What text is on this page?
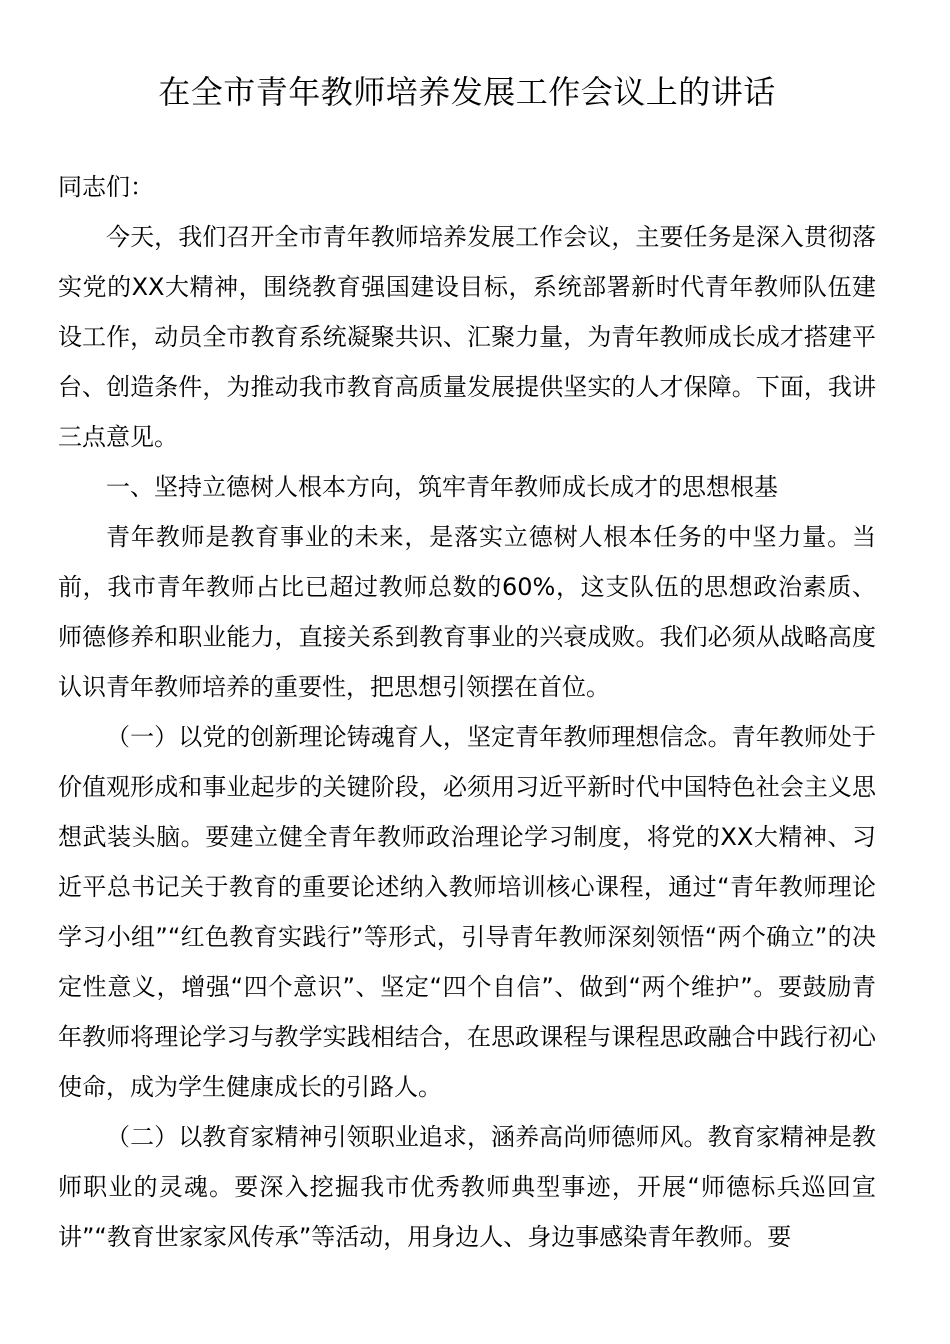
在全市青年教师培养发展工作会议上的讲话

同志们：

今天，我们召开全市青年教师培养发展工作会议，主要任务是深入贯彻落实党的XX大精神，围绕教育强国建设目标，系统部署新时代青年教师队伍建设工作，动员全市教育系统凝聚共识、汇聚力量，为青年教师成长成才搭建平台、创造条件，为推动我市教育高质量发展提供坚实的人才保障。下面，我讲三点意见。

一、坚持立德树人根本方向，筑牢青年教师成长成才的思想根基

青年教师是教育事业的未来，是落实立德树人根本任务的中坚力量。当前，我市青年教师占比已超过教师总数的60%，这支队伍的思想政治素质、师德修养和职业能力，直接关系到教育事业的兴衰成败。我们必须从战略高度认识青年教师培养的重要性，把思想引领摆在首位。

（一）以党的创新理论铸魂育人，坚定青年教师理想信念。青年教师处于价值观形成和事业起步的关键阶段，必须用习近平新时代中国特色社会主义思想武装头脑。要建立健全青年教师政治理论学习制度，将党的XX大精神、习近平总书记关于教育的重要论述纳入教师培训核心课程，通过“青年教师理论学习小组”“红色教育实践行”等形式，引导青年教师深刻领悟“两个确立”的决定性意义，增强“四个意识”、坚定“四个自信”、做到“两个维护”。要鼓励青年教师将理论学习与教学实践相结合，在思政课程与课程思政融合中践行初心使命，成为学生健康成长的引路人。

（二）以教育家精神引领职业追求，涵养高尚师德师风。教育家精神是教师职业的灵魂。要深入挖掘我市优秀教师典型事迹，开展“师德标兵巡回宣讲”“教育世家家风传承”等活动，用身边人、身边事感染青年教师。要
